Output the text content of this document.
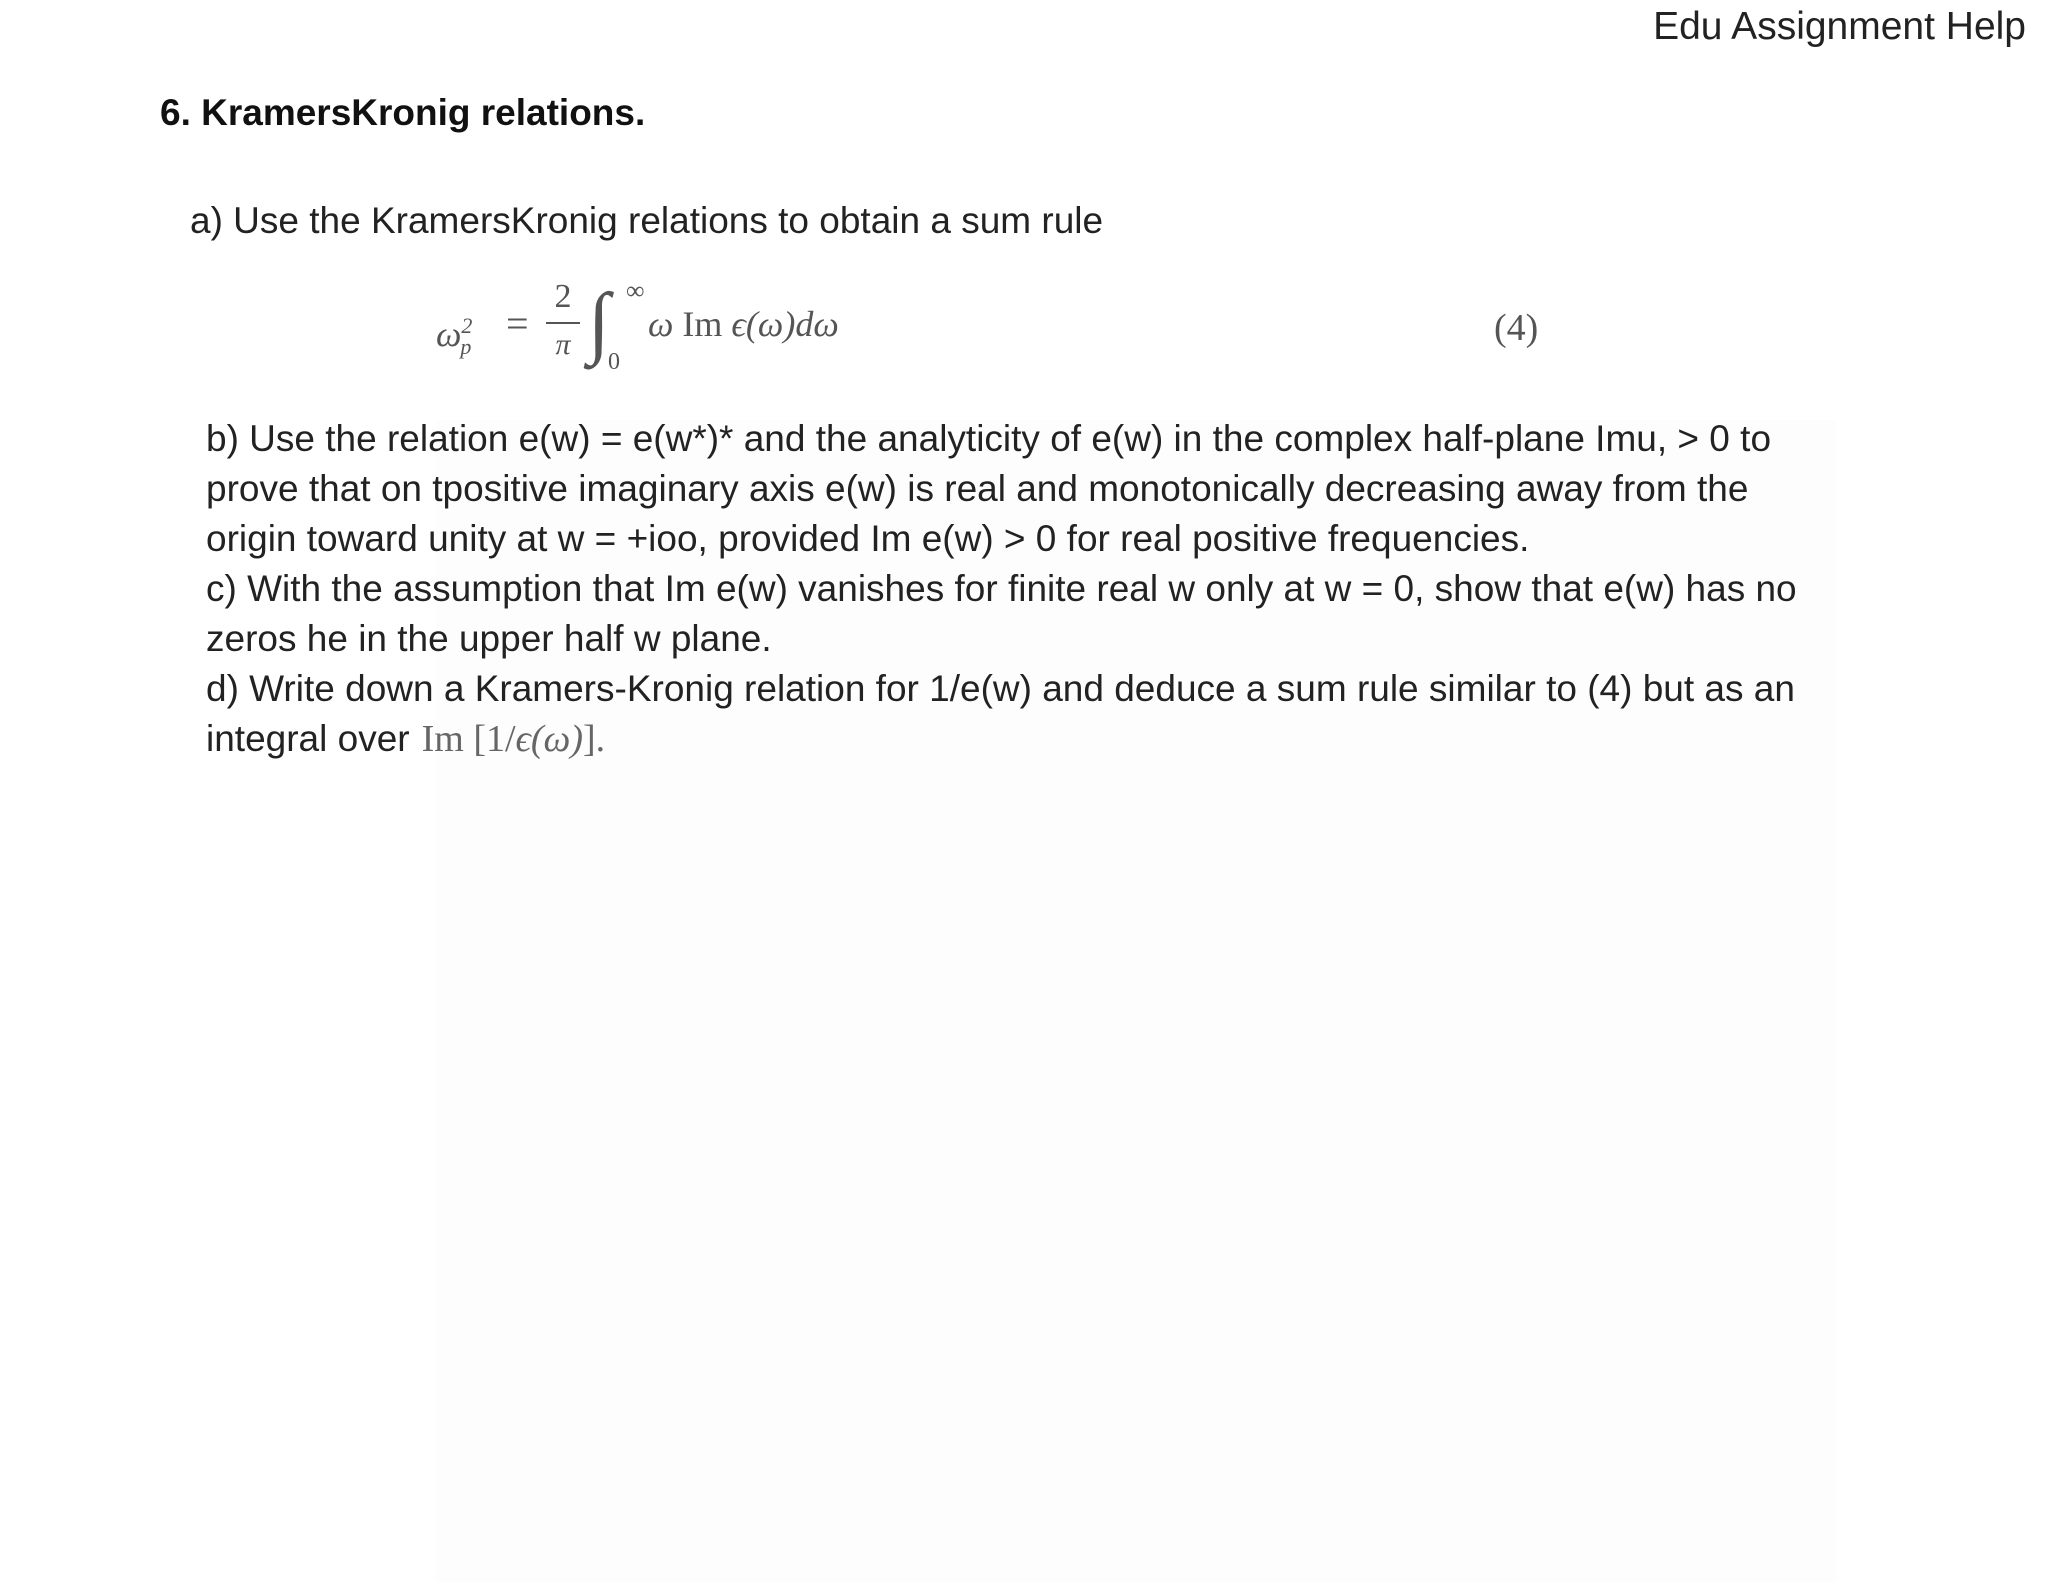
Edu Assignment Help
6. KramersKronig relations.
a) Use the KramersKronig relations to obtain a sum rule
$\omega^2_p$
=
2
π ∫ ∞
0
ω Im ϵ(ω)dω	(4)
b) Use the relation e(w) = e(w*)* and the analyticity of e(w) in the complex half-plane Imu, > 0 to
prove that on tpositive imaginary axis e(w) is real and monotonically decreasing away from the
origin toward unity at w = +ioo, provided Im e(w) > 0 for real positive frequencies.
c) With the assumption that Im e(w) vanishes for finite real w only at w = 0, show that e(w) has no
zeros he in the upper half w plane.
d) Write down a Kramers-Kronig relation for 1/e(w) and deduce a sum rule similar to (4) but as an
integral over Im [1/ϵ(ω)].
